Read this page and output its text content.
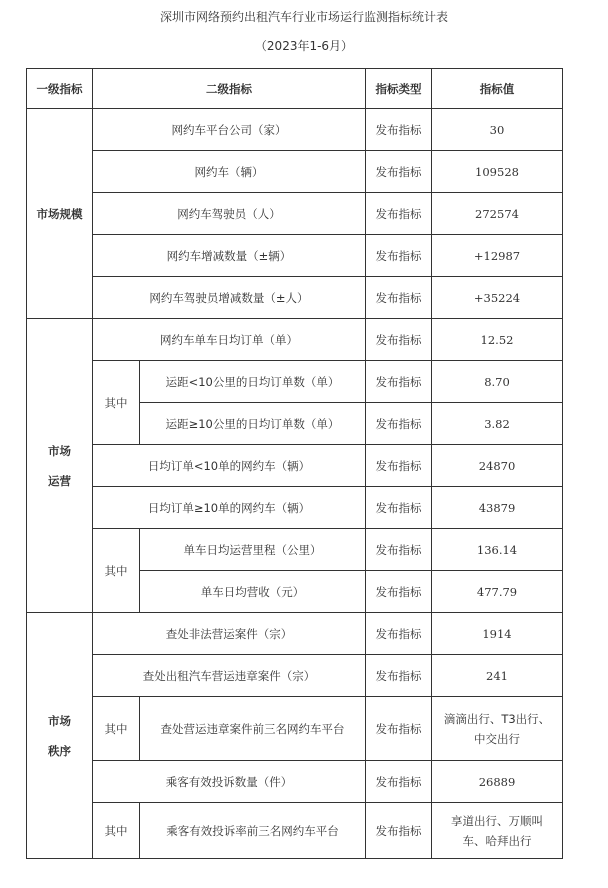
深圳市网络预约出租汽车行业市场运行监测指标统计表
（2023年1-6月）
一级指标	二级指标		指标类型	指标值
市场规模	网约车平台公司（家）		发布指标	30
	网约车（辆）		发布指标	109528
	网约车驾驶员（人）		发布指标	272574
	网约车增减数量（±辆）		发布指标	+12987
	网约车驾驶员增减数量（±人）		发布指标	+35224

市场
运营	网约车单车日均订单（单）		发布指标	12.52
	其中	运距<10公里的日均订单数（单）	发布指标	8.70
		运距≥10公里的日均订单数（单）	发布指标	3.82
	日均订单<10单的网约车（辆）		发布指标	24870
	日均订单≥10单的网约车（辆）		发布指标	43879
	其中	单车日均运营里程（公里）	发布指标	136.14
		单车日均营收（元）	发布指标	477.79

市场
秩序	查处非法营运案件（宗）		发布指标	1914
	查处出租汽车营运违章案件（宗）		发布指标	241
	其中	查处营运违章案件前三名网约车平台	发布指标	滴滴出行、T3出行、
中交出行

	乘客有效投诉数量（件）		发布指标	26889
	其中	乘客有效投诉率前三名网约车平台	发布指标	享道出行、万顺叫
车、哈拜出行
